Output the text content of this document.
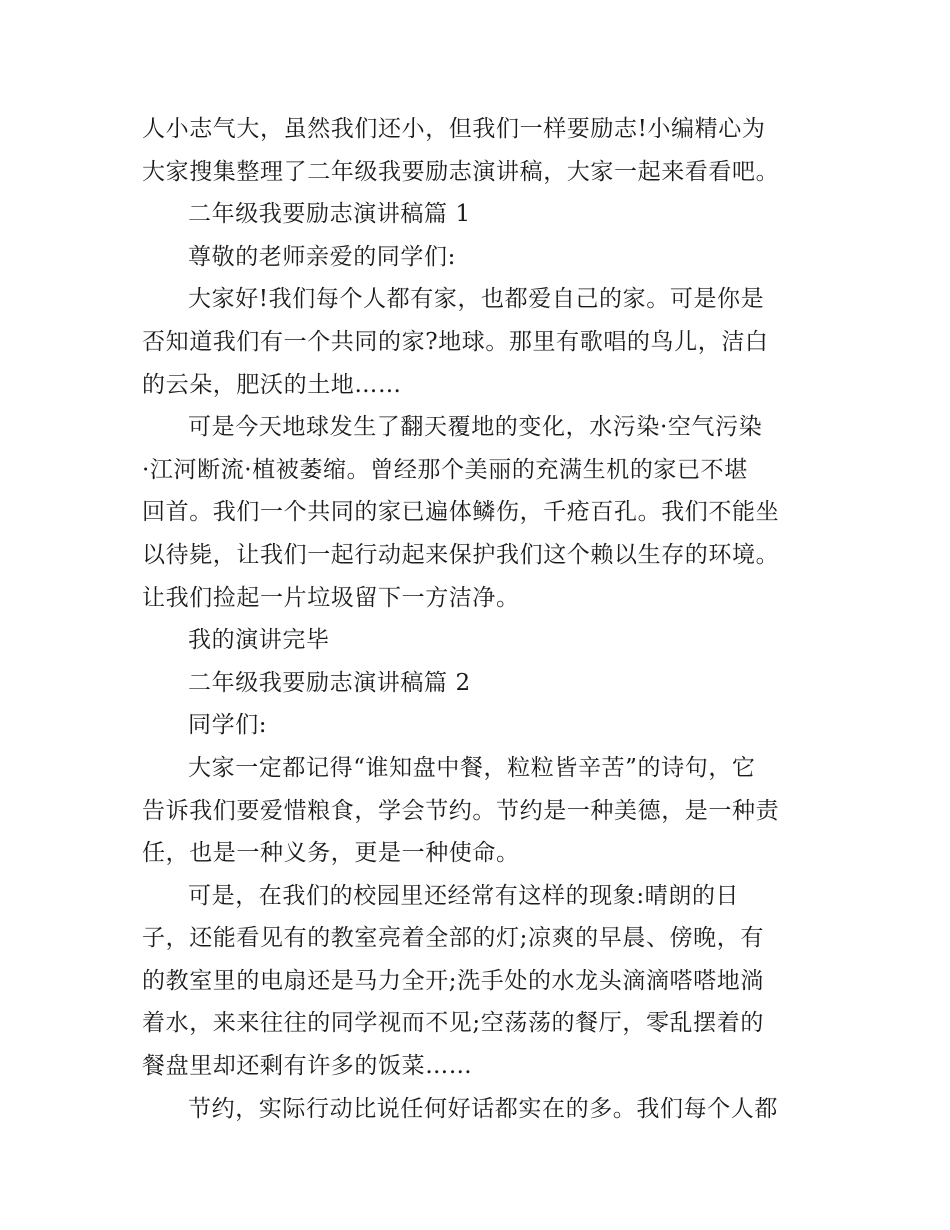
人小志气大，虽然我们还小，但我们一样要励志!小编精心为
大家搜集整理了二年级我要励志演讲稿，大家一起来看看吧。

二年级我要励志演讲稿篇 1

尊敬的老师亲爱的同学们:

大家好!我们每个人都有家，也都爱自己的家。可是你是
否知道我们有一个共同的家?地球。那里有歌唱的鸟儿，洁白
的云朵，肥沃的土地……

可是今天地球发生了翻天覆地的变化，水污染·空气污染
·江河断流·植被萎缩。曾经那个美丽的充满生机的家已不堪
回首。我们一个共同的家已遍体鳞伤，千疮百孔。我们不能坐
以待毙，让我们一起行动起来保护我们这个赖以生存的环境。
让我们捡起一片垃圾留下一方洁净。

我的演讲完毕

二年级我要励志演讲稿篇 2

同学们:

大家一定都记得“谁知盘中餐，粒粒皆辛苦”的诗句，它
告诉我们要爱惜粮食，学会节约。节约是一种美德，是一种责
任，也是一种义务，更是一种使命。

可是，在我们的校园里还经常有这样的现象:晴朗的日
子，还能看见有的教室亮着全部的灯;凉爽的早晨、傍晚，有
的教室里的电扇还是马力全开;洗手处的水龙头滴滴嗒嗒地淌
着水，来来往往的同学视而不见;空荡荡的餐厅，零乱摆着的
餐盘里却还剩有许多的饭菜……

节约，实际行动比说任何好话都实在的多。我们每个人都
